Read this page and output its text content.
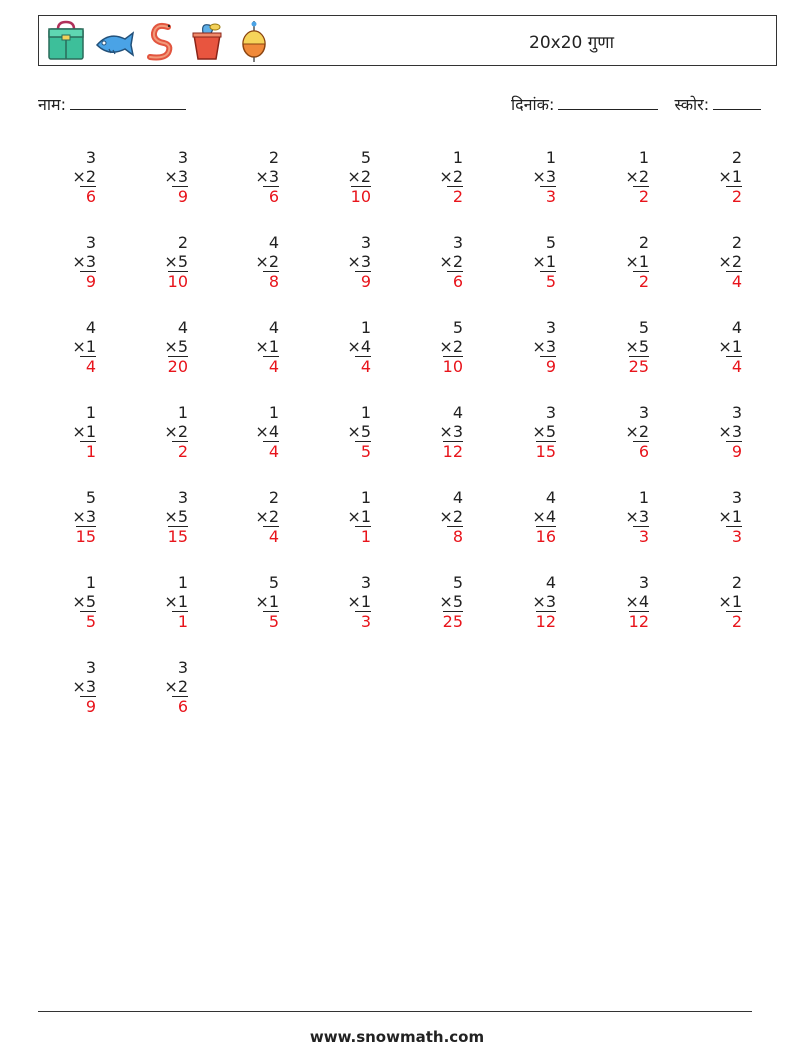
20x20 गुणा
नाम:	दिनांक:	स्कोर:
3
×2
6
3
×3
9
2
×3
6
5
×2
10
1
×2
2
1
×3
3
1
×2
2
2
×1
2
3
×3
9
2
×5
10
4
×2
8
3
×3
9
3
×2
6
5
×1
5
2
×1
2
2
×2
4
4
×1
4
4
×5
20
4
×1
4
1
×4
4
5
×2
10
3
×3
9
5
×5
25
4
×1
4
1
×1
1
1
×2
2
1
×4
4
1
×5
5
4
×3
12
3
×5
15
3
×2
6
3
×3
9
5
×3
15
3
×5
15
2
×2
4
1
×1
1
4
×2
8
4
×4
16
1
×3
3
3
×1
3
1
×5
5
1
×1
1
5
×1
5
3
×1
3
5
×5
25
4
×3
12
3
×4
12
2
×1
2
3
×3
9
3
×2
6
www.snowmath.com
